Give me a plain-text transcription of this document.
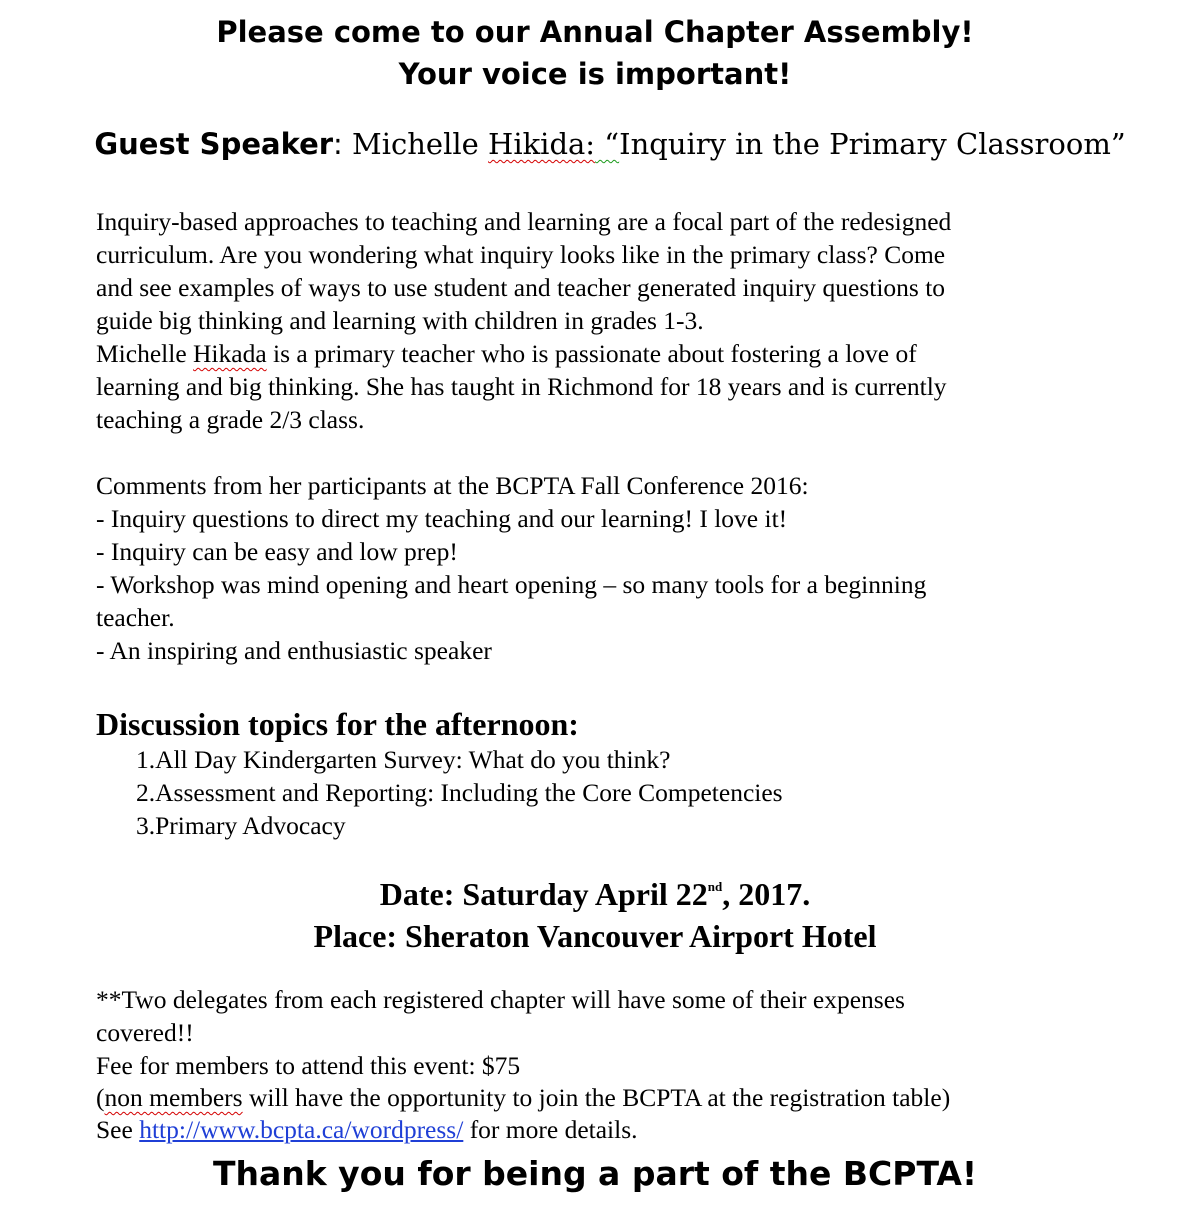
Please come to our Annual Chapter Assembly!

Your voice is important!

Guest Speaker: Michelle Hikida: “Inquiry in the Primary Classroom”
Inquiry-based approaches to teaching and learning are a focal part of the redesigned
curriculum. Are you wondering what inquiry looks like in the primary class? Come
and see examples of ways to use student and teacher generated inquiry questions to
guide big thinking and learning with children in grades 1-3.
Michelle Hikada is a primary teacher who is passionate about fostering a love of
learning and big thinking. She has taught in Richmond for 18 years and is currently
teaching a grade 2/3 class.
Comments from her participants at the BCPTA Fall Conference 2016:
- Inquiry questions to direct my teaching and our learning! I love it!
- Inquiry can be easy and low prep!
- Workshop was mind opening and heart opening – so many tools for a beginning
teacher.
- An inspiring and enthusiastic speaker

Discussion topics for the afternoon:

1.All Day Kindergarten Survey: What do you think?
2.Assessment and Reporting: Including the Core Competencies
3.Primary Advocacy
Date: Saturday April 22nd, 2017.
Place: Sheraton Vancouver Airport Hotel
**Two delegates from each registered chapter will have some of their expenses
covered!!
Fee for members to attend this event: $75
(non members will have the opportunity to join the BCPTA at the registration table)
See http://www.bcpta.ca/wordpress/ for more details.

Thank you for being a part of the BCPTA!
